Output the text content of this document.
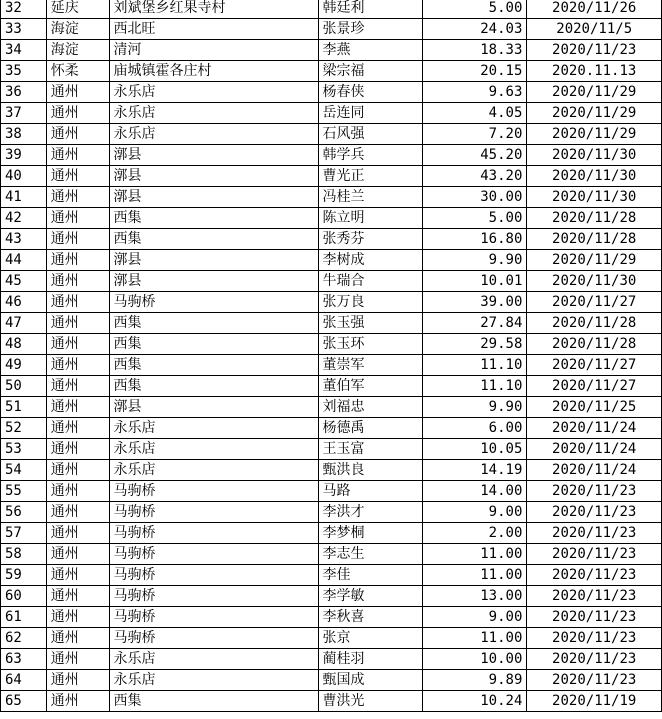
32	延庆	刘斌堡乡红果寺村	韩廷利	5.00	2020/11/26
33	海淀	西北旺	张景珍	24.03	2020/11/5
34	海淀	清河	李燕	18.33	2020/11/23
35	怀柔	庙城镇霍各庄村	梁宗福	20.15	2020.11.13
36	通州	永乐店	杨春侠	9.63	2020/11/29
37	通州	永乐店	岳连同	4.05	2020/11/29
38	通州	永乐店	石风强	7.20	2020/11/29
39	通州	漷县	韩学兵	45.20	2020/11/30
40	通州	漷县	曹光正	43.20	2020/11/30
41	通州	漷县	冯桂兰	30.00	2020/11/30
42	通州	西集	陈立明	5.00	2020/11/28
43	通州	西集	张秀芬	16.80	2020/11/28
44	通州	漷县	李树成	9.90	2020/11/29
45	通州	漷县	牛瑞合	10.01	2020/11/30
46	通州	马驹桥	张万良	39.00	2020/11/27
47	通州	西集	张玉强	27.84	2020/11/28
48	通州	西集	张玉环	29.58	2020/11/28
49	通州	西集	董崇军	11.10	2020/11/27
50	通州	西集	董伯军	11.10	2020/11/27
51	通州	漷县	刘福忠	9.90	2020/11/25
52	通州	永乐店	杨德禹	6.00	2020/11/24
53	通州	永乐店	王玉富	10.05	2020/11/24
54	通州	永乐店	甄洪良	14.19	2020/11/24
55	通州	马驹桥	马路	14.00	2020/11/23
56	通州	马驹桥	李洪才	9.00	2020/11/23
57	通州	马驹桥	李梦桐	2.00	2020/11/23
58	通州	马驹桥	李志生	11.00	2020/11/23
59	通州	马驹桥	李佳	11.00	2020/11/23
60	通州	马驹桥	李学敏	13.00	2020/11/23
61	通州	马驹桥	李秋喜	9.00	2020/11/23
62	通州	马驹桥	张京	11.00	2020/11/23
63	通州	永乐店	蔺桂羽	10.00	2020/11/23
64	通州	永乐店	甄国成	9.89	2020/11/23
65	通州	西集	曹洪光	10.24	2020/11/19
